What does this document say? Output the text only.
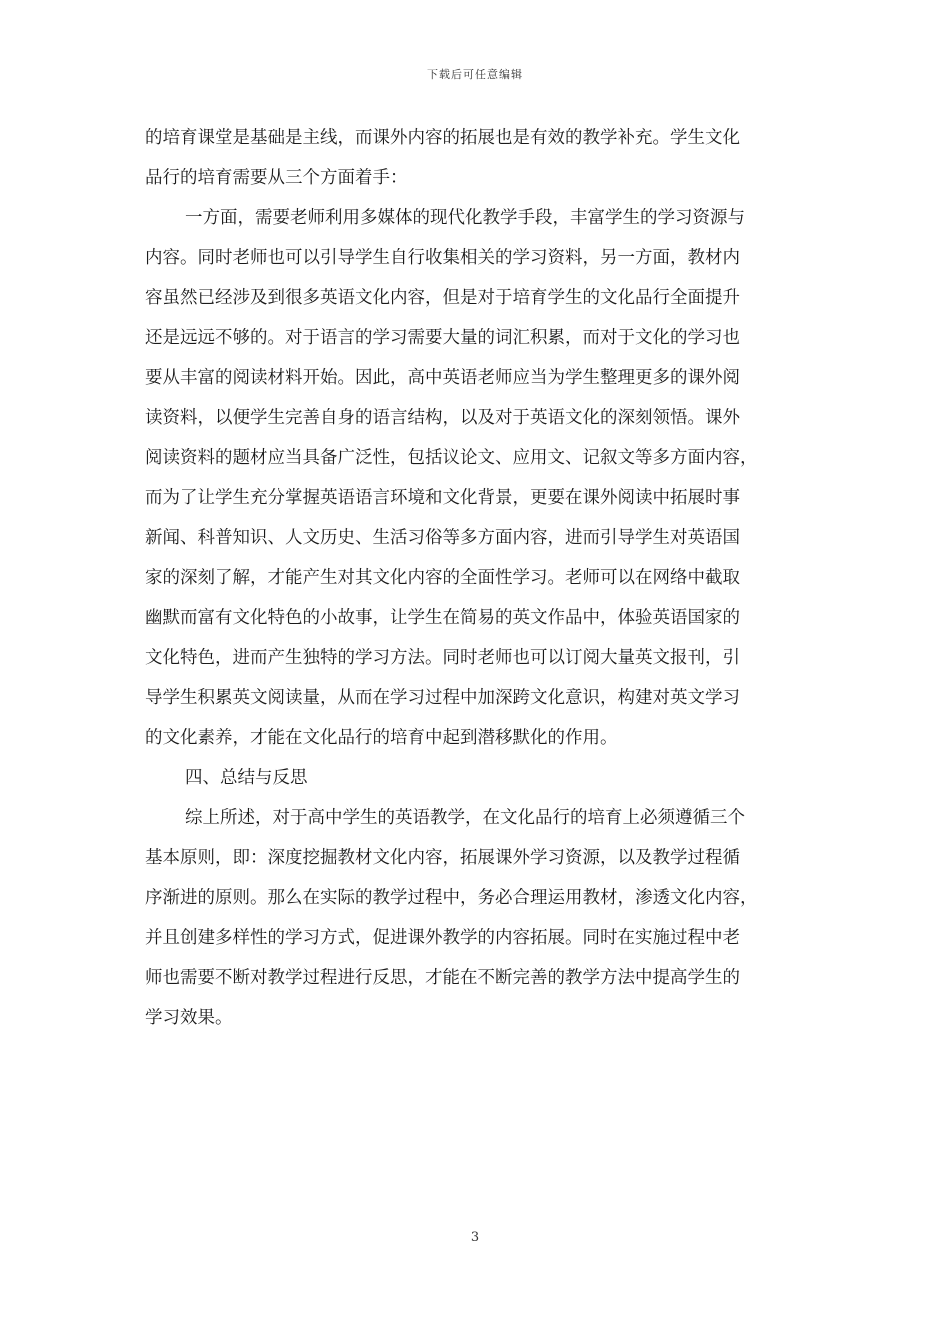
下载后可任意编辑
的培育课堂是基础是主线，而课外内容的拓展也是有效的教学补充。学生文化
品行的培育需要从三个方面着手：
一方面，需要老师利用多媒体的现代化教学手段，丰富学生的学习资源与
内容。同时老师也可以引导学生自行收集相关的学习资料，另一方面，教材内
容虽然已经涉及到很多英语文化内容，但是对于培育学生的文化品行全面提升
还是远远不够的。对于语言的学习需要大量的词汇积累，而对于文化的学习也
要从丰富的阅读材料开始。因此，高中英语老师应当为学生整理更多的课外阅
读资料，以便学生完善自身的语言结构，以及对于英语文化的深刻领悟。课外
阅读资料的题材应当具备广泛性，包括议论文、应用文、记叙文等多方面内容，
而为了让学生充分掌握英语语言环境和文化背景，更要在课外阅读中拓展时事
新闻、科普知识、人文历史、生活习俗等多方面内容，进而引导学生对英语国
家的深刻了解，才能产生对其文化内容的全面性学习。老师可以在网络中截取
幽默而富有文化特色的小故事，让学生在简易的英文作品中，体验英语国家的
文化特色，进而产生独特的学习方法。同时老师也可以订阅大量英文报刊，引
导学生积累英文阅读量，从而在学习过程中加深跨文化意识，构建对英文学习
的文化素养，才能在文化品行的培育中起到潜移默化的作用。
四、总结与反思
综上所述，对于高中学生的英语教学，在文化品行的培育上必须遵循三个
基本原则，即：深度挖掘教材文化内容，拓展课外学习资源，以及教学过程循
序渐进的原则。那么在实际的教学过程中，务必合理运用教材，渗透文化内容，
并且创建多样性的学习方式，促进课外教学的内容拓展。同时在实施过程中老
师也需要不断对教学过程进行反思，才能在不断完善的教学方法中提高学生的
学习效果。
3
